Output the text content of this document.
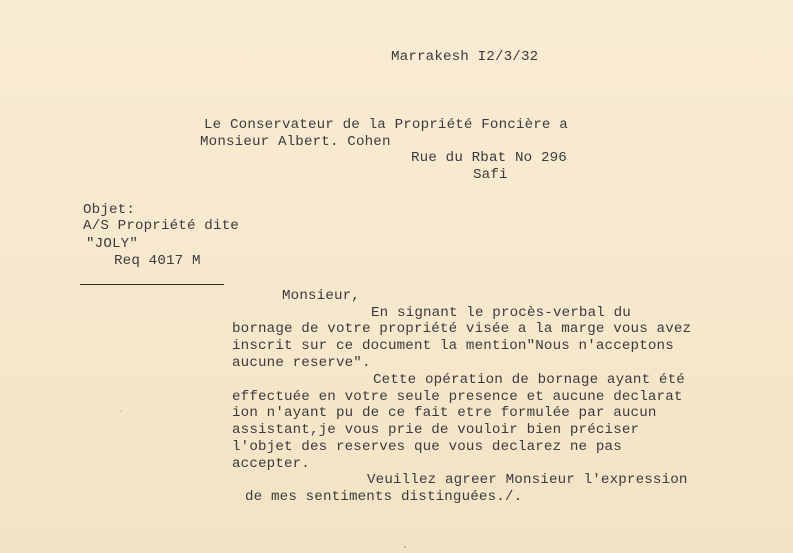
Marrakesh I2/3/32
Le Conservateur de la Propriété Foncière a
Monsieur Albert. Cohen
Rue du Rbat No 296
Safi
Objet:
A/S Propriété dite
"JOLY"
Req 4017 M
Monsieur,
En signant le procès-verbal du
bornage de votre propriété visée a la marge vous avez
inscrit sur ce document la mention"Nous n'acceptons
aucune reserve".
Cette opération de bornage ayant été
effectuée en votre seule presence et aucune declarat
ion n'ayant pu de ce fait etre formulée par aucun
assistant,je vous prie de vouloir bien préciser
l'objet des reserves que vous declarez ne pas
accepter.
Veuillez agreer Monsieur l'expression
de mes sentiments distinguées./.
